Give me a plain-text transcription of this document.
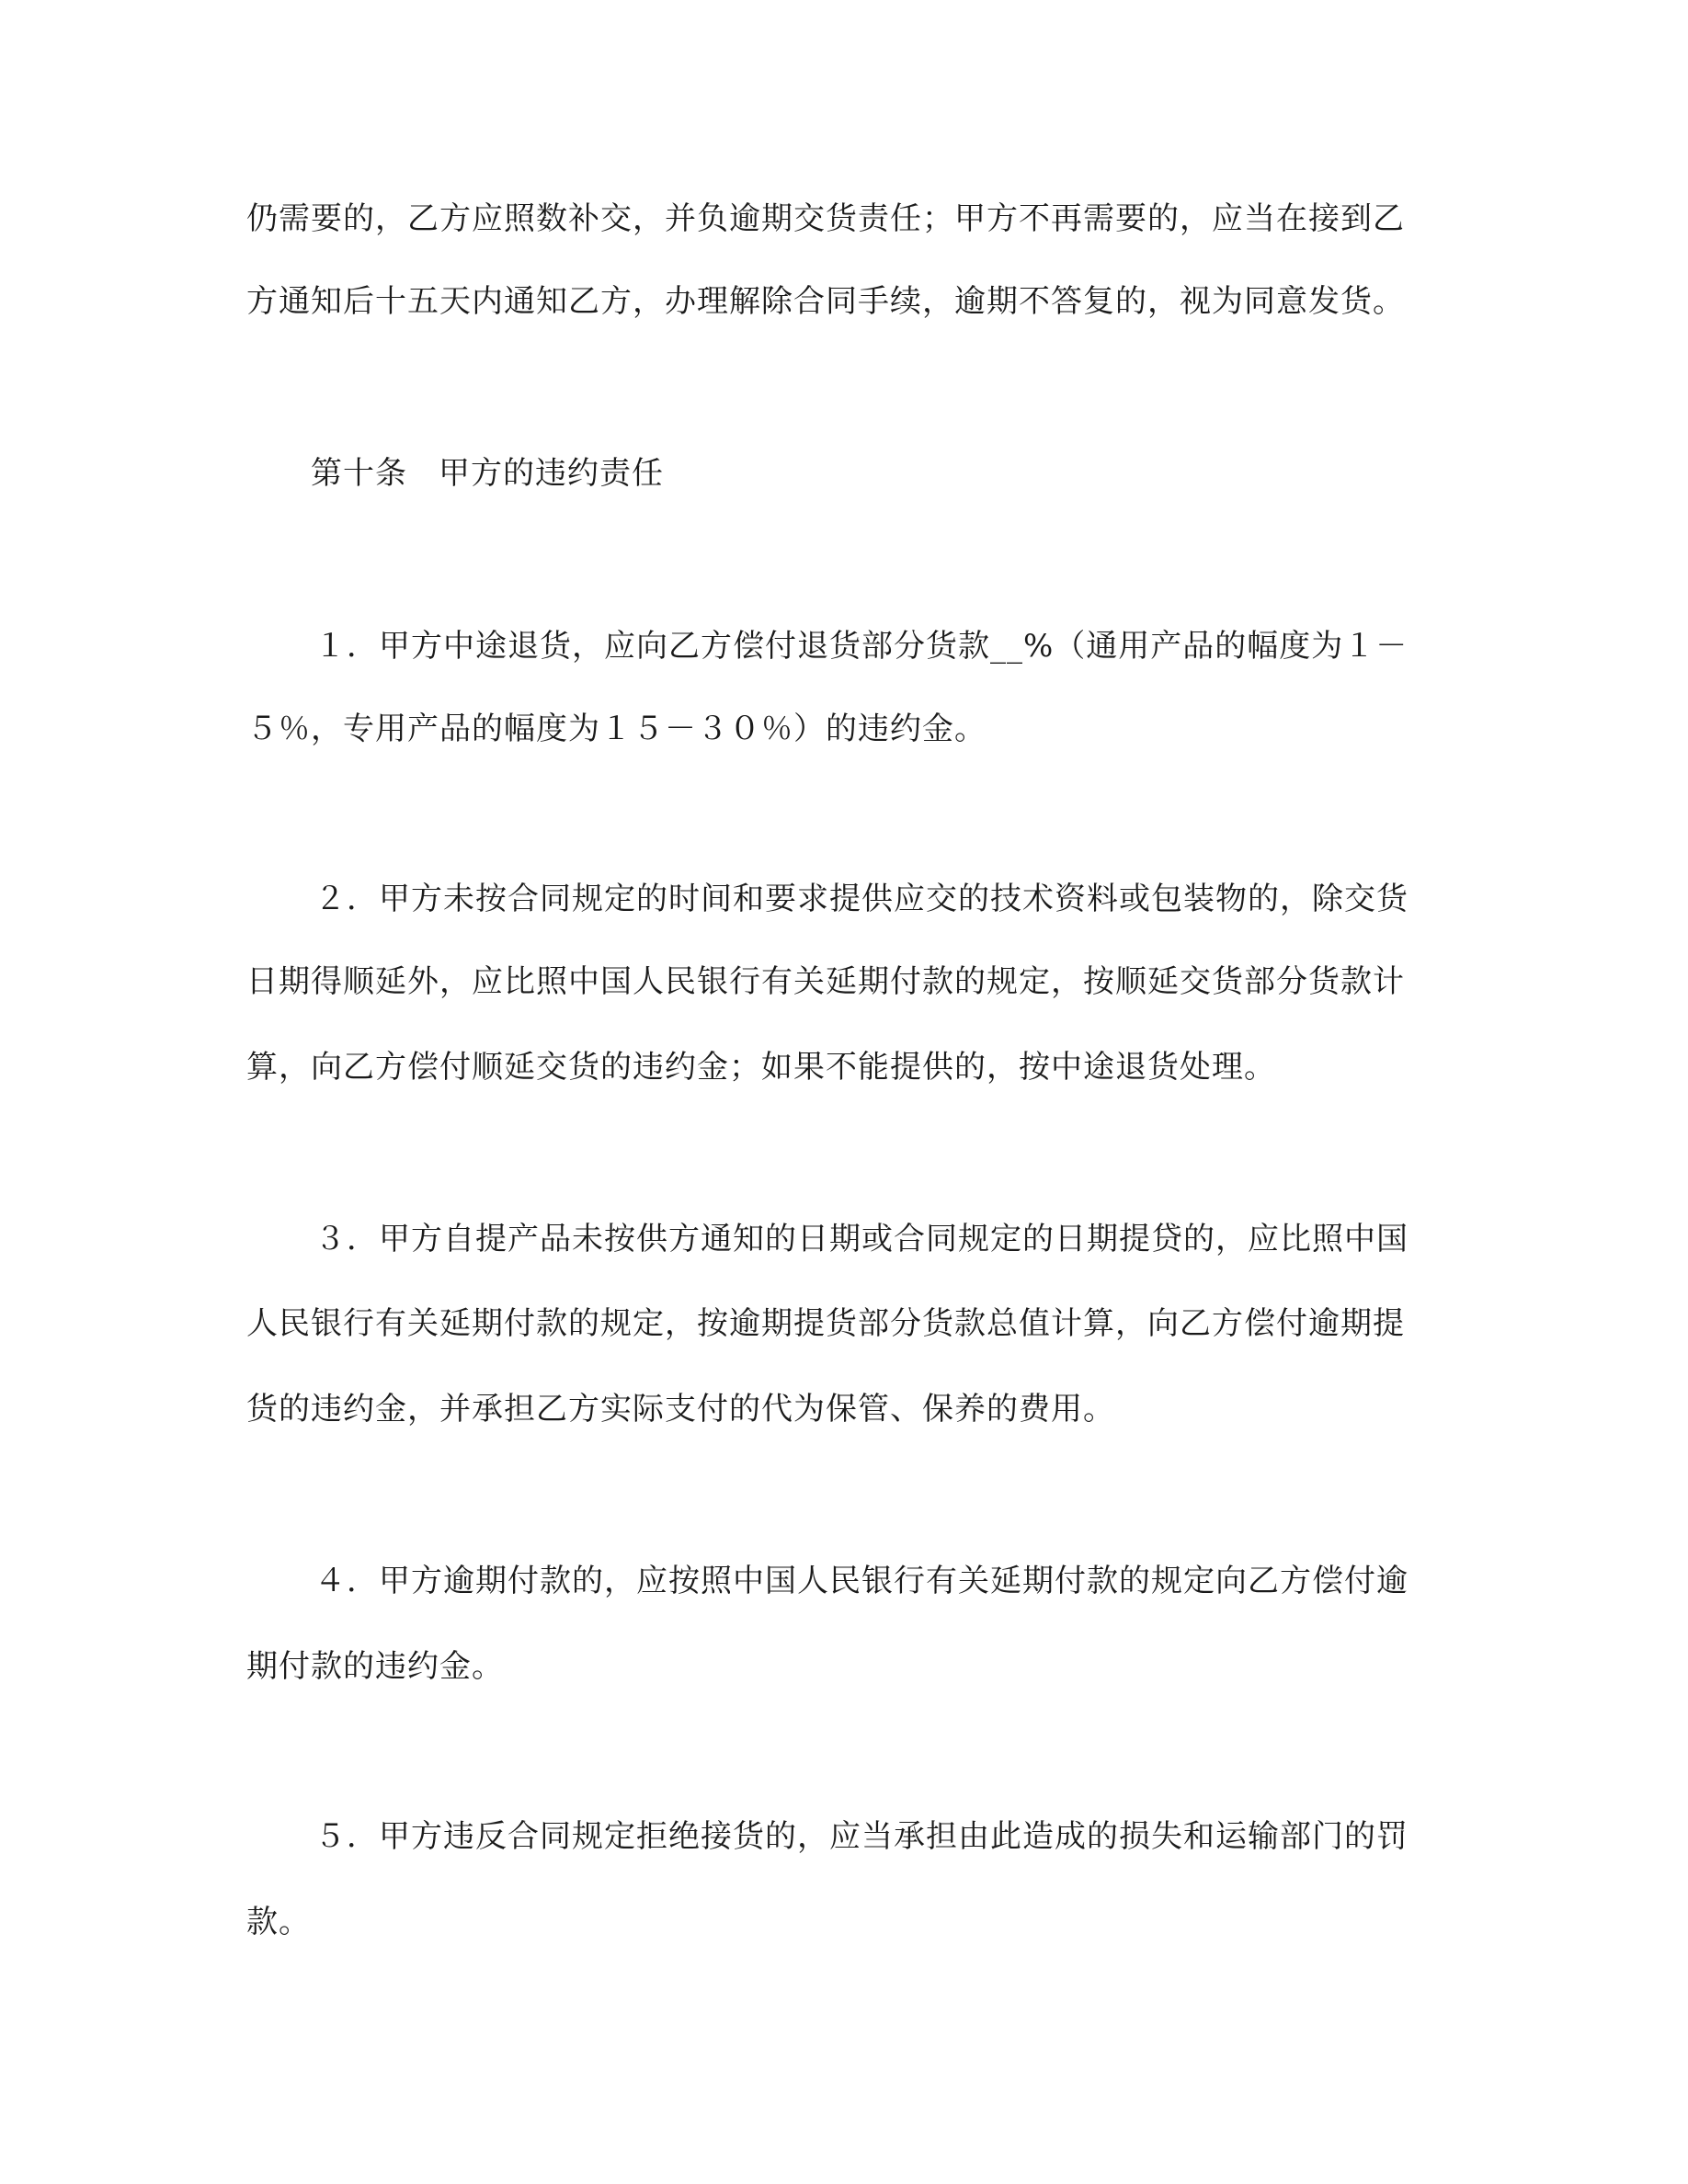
仍需要的，乙方应照数补交，并负逾期交货责任；甲方不再需要的，应当在接到乙
方通知后十五天内通知乙方，办理解除合同手续，逾期不答复的，视为同意发货。
第十条 甲方的违约责任
１．甲方中途退货，应向乙方偿付退货部分货款__%（通用产品的幅度为１－
５％，专用产品的幅度为１５－３０％）的违约金。
２．甲方未按合同规定的时间和要求提供应交的技术资料或包装物的，除交货
日期得顺延外，应比照中国人民银行有关延期付款的规定，按顺延交货部分货款计
算，向乙方偿付顺延交货的违约金；如果不能提供的，按中途退货处理。
３．甲方自提产品未按供方通知的日期或合同规定的日期提贷的，应比照中国
人民银行有关延期付款的规定，按逾期提货部分货款总值计算，向乙方偿付逾期提
货的违约金，并承担乙方实际支付的代为保管、保养的费用。
４．甲方逾期付款的，应按照中国人民银行有关延期付款的规定向乙方偿付逾
期付款的违约金。
５．甲方违反合同规定拒绝接货的，应当承担由此造成的损失和运输部门的罚
款。
